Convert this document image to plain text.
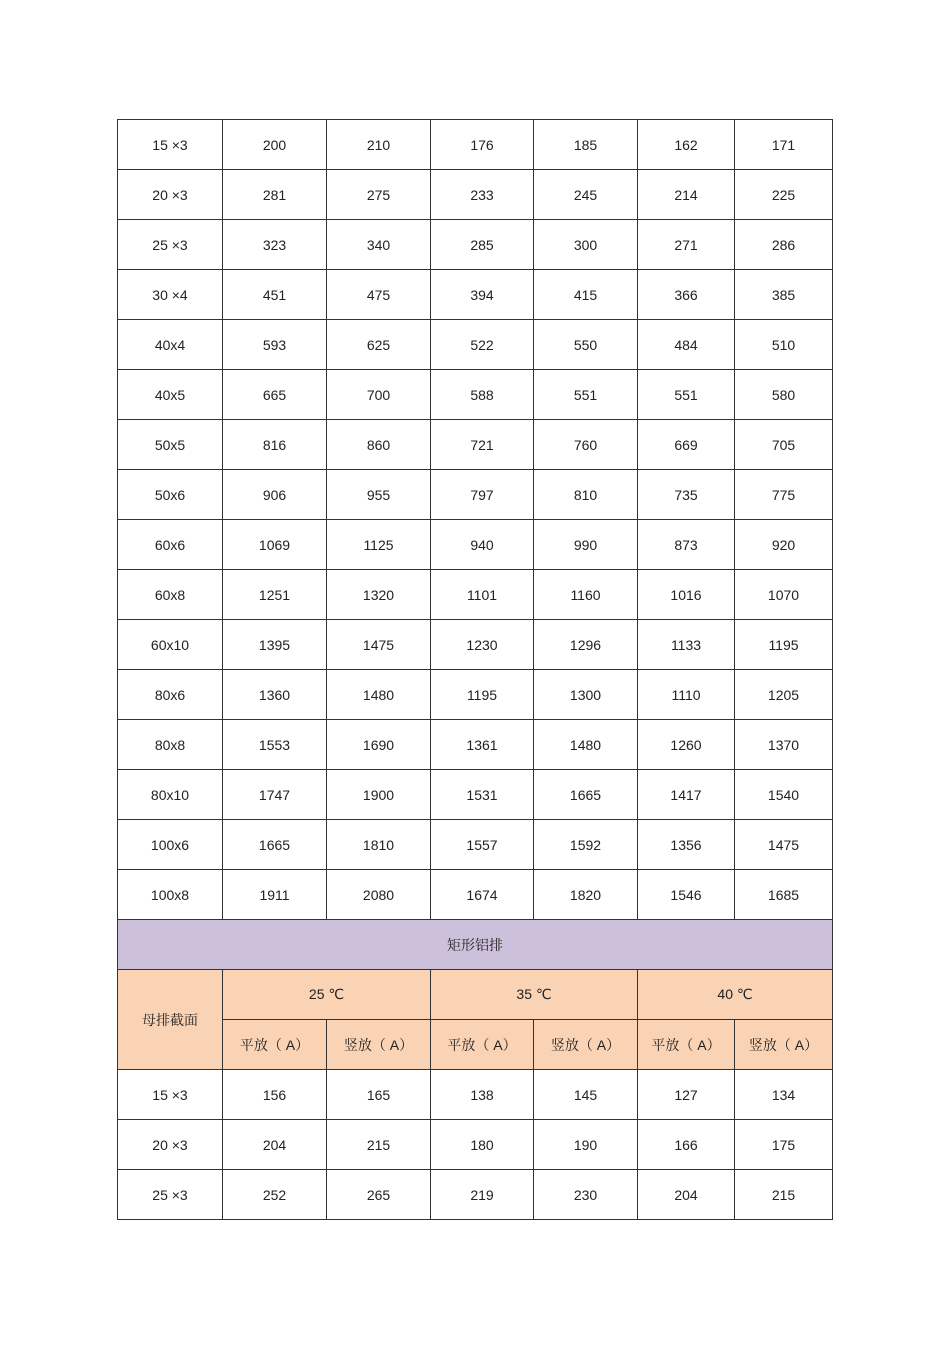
15 ×3	200	210	176	185	162	171
20 ×3	281	275	233	245	214	225
25 ×3	323	340	285	300	271	286
30 ×4	451	475	394	415	366	385
40x4	593	625	522	550	484	510
40x5	665	700	588	551	551	580
50x5	816	860	721	760	669	705
50x6	906	955	797	810	735	775
60x6	1069	1125	940	990	873	920
60x8	1251	1320	1101	1160	1016	1070
60x10	1395	1475	1230	1296	1133	1195
80x6	1360	1480	1195	1300	1110	1205
80x8	1553	1690	1361	1480	1260	1370
80x10	1747	1900	1531	1665	1417	1540
100x6	1665	1810	1557	1592	1356	1475
100x8	1911	2080	1674	1820	1546	1685
矩形铝排						
母排截面	25 ℃		35 ℃		40 ℃	
	平放（ A）	竖放（ A）	平放（ A）	竖放（ A）	平放（ A）	竖放（ A）
15 ×3	156	165	138	145	127	134
20 ×3	204	215	180	190	166	175
25 ×3	252	265	219	230	204	215
